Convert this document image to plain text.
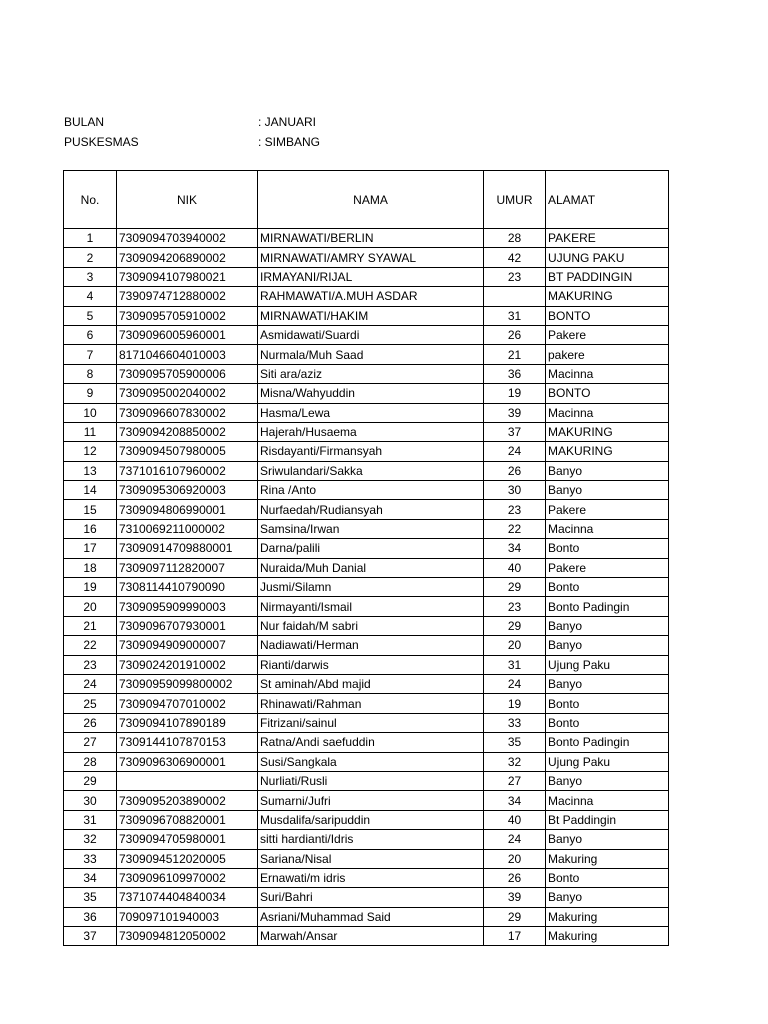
BULAN	: JANUARI
PUSKESMAS	: SIMBANG
No.	NIK	NAMA	UMUR	ALAMAT
1	7309094703940002	MIRNAWATI/BERLIN	28	PAKERE
2	7309094206890002	MIRNAWATI/AMRY SYAWAL	42	UJUNG PAKU
3	7309094107980021	IRMAYANI/RIJAL	23	BT PADDINGIN
4	7390974712880002	RAHMAWATI/A.MUH ASDAR		MAKURING
5	7309095705910002	MIRNAWATI/HAKIM	31	BONTO
6	7309096005960001	Asmidawati/Suardi	26	Pakere
7	8171046604010003	Nurmala/Muh Saad	21	pakere
8	7309095705900006	Siti ara/aziz	36	Macinna
9	7309095002040002	Misna/Wahyuddin	19	BONTO
10	7309096607830002	Hasma/Lewa	39	Macinna
11	7309094208850002	Hajerah/Husaema	37	MAKURING
12	7309094507980005	Risdayanti/Firmansyah	24	MAKURING
13	7371016107960002	Sriwulandari/Sakka	26	Banyo
14	7309095306920003	Rina /Anto	30	Banyo
15	7309094806990001	Nurfaedah/Rudiansyah	23	Pakere
16	7310069211000002	Samsina/Irwan	22	Macinna
17	73090914709880001	Darna/palili	34	Bonto
18	7309097112820007	Nuraida/Muh Danial	40	Pakere
19	7308114410790090	Jusmi/Silamn	29	Bonto
20	7309095909990003	Nirmayanti/Ismail	23	Bonto Padingin
21	7309096707930001	Nur faidah/M sabri	29	Banyo
22	7309094909000007	Nadiawati/Herman	20	Banyo
23	7309024201910002	Rianti/darwis	31	Ujung Paku
24	73090959099800002	St aminah/Abd majid	24	Banyo
25	7309094707010002	Rhinawati/Rahman	19	Bonto
26	7309094107890189	Fitrizani/sainul	33	Bonto
27	7309144107870153	Ratna/Andi saefuddin	35	Bonto Padingin
28	7309096306900001	Susi/Sangkala	32	Ujung Paku
29		Nurliati/Rusli	27	Banyo
30	7309095203890002	Sumarni/Jufri	34	Macinna
31	7309096708820001	Musdalifa/saripuddin	40	Bt Paddingin
32	7309094705980001	sitti hardianti/Idris	24	Banyo
33	7309094512020005	Sariana/Nisal	20	Makuring
34	7309096109970002	Ernawati/m idris	26	Bonto
35	7371074404840034	Suri/Bahri	39	Banyo
36	709097101940003	Asriani/Muhammad Said	29	Makuring
37	7309094812050002	Marwah/Ansar	17	Makuring
